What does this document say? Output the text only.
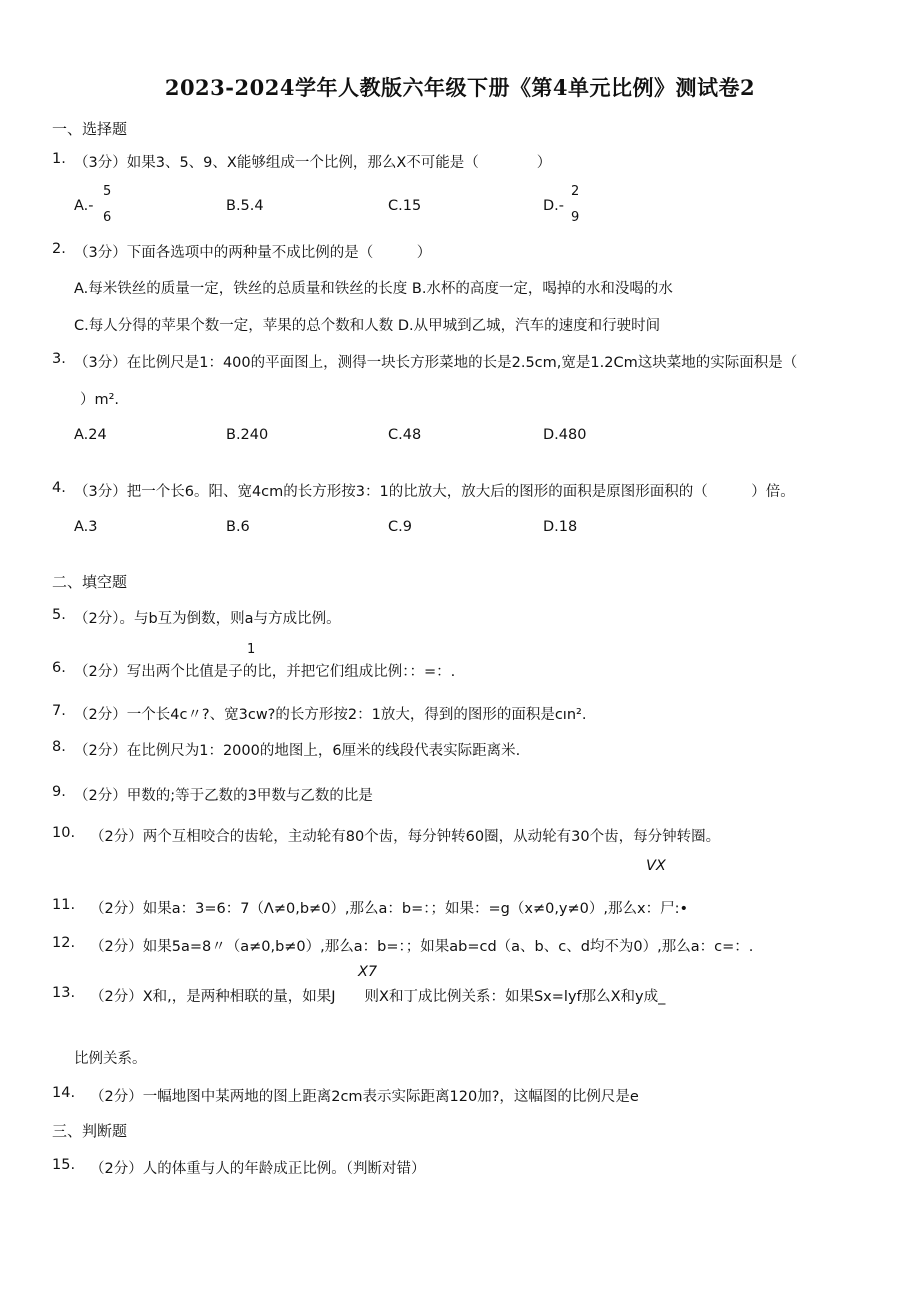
2023-2024学年人教版六年级下册《第4单元比例》测试卷2
一、选择题
1. （3分）如果3、5、9、X能够组成一个比例，那么X不可能是（　　　　）
A.-
5
6
B.5.4	C.15	D.-
2
9
2. （3分）下面各选项中的两种量不成比例的是（　　　）
A.每米铁丝的质量一定，铁丝的总质量和铁丝的长度 B.水杯的高度一定，喝掉的水和没喝的水
C.每人分得的苹果个数一定，苹果的总个数和人数 D.从甲城到乙城，汽车的速度和行驶时间
3. （3分）在比例尺是1：400的平面图上，测得一块长方形菜地的长是2.5cm,宽是1.2Cm这块菜地的实际面积是（
）m².
A.24	B.240	C.48	D.480
4. （3分）把一个长6。阳、宽4cm的长方形按3：1的比放大，放大后的图形的面积是原图形面积的（　　　）倍。
A.3	B.6	C.9	D.18
二、填空题
5. （2分）。与b互为倒数，则a与方成比例。
1
6. （2分）写出两个比值是子的比，并把它们组成比例：：=：.
7. （2分）一个长4c〃?、宽3cw?的长方形按2：1放大，得到的图形的面积是cın².
8. （2分）在比例尺为1：2000的地图上，6厘米的线段代表实际距离米.
9. （2分）甲数的;等于乙数的3甲数与乙数的比是
10. （2分）两个互相咬合的齿轮，主动轮有80个齿，每分钟转60圈，从动轮有30个齿，每分钟转圈。
VX
11. （2分）如果a：3=6：7（Λ≠0,b≠0）,那么a：b=：；如果：=g（x≠0,y≠0）,那么x：尸:•
12. （2分）如果5a=8〃（a≠0,b≠0）,那么a：b=：；如果ab=cd（a、b、c、d均不为0）,那么a：c=：.
X7
13. （2分）X和,，是两种相联的量，如果J　　则X和丁成比例关系：如果Sx=lyf那么X和y成_
比例关系。
14. （2分）一幅地图中某两地的图上距离2cm表示实际距离120加?，这幅图的比例尺是e
三、判断题
15. （2分）人的体重与人的年龄成正比例。（判断对错）
